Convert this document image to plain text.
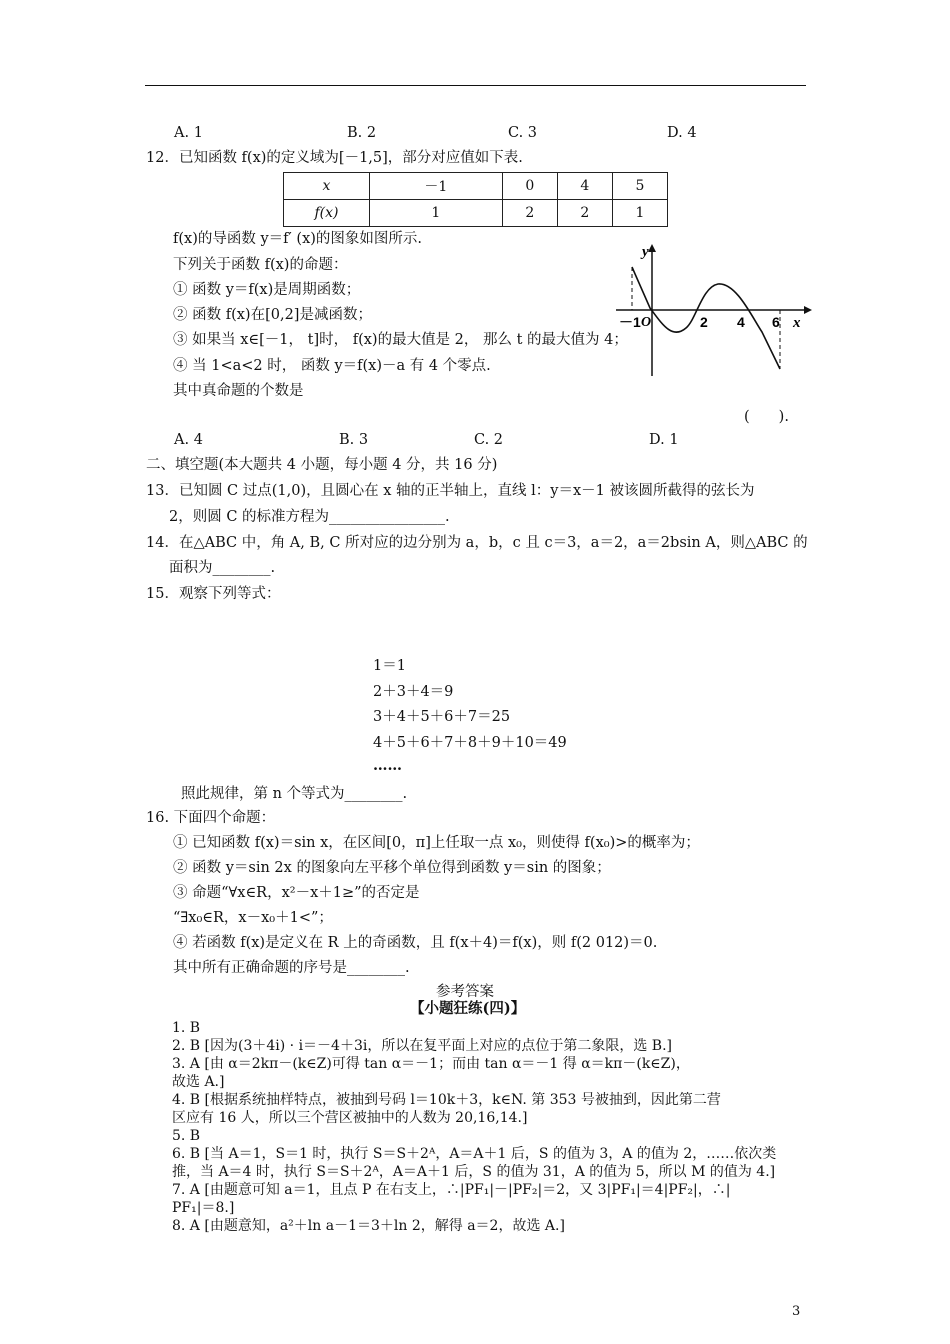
A. 1	B. 2	C. 3	D. 4
12．已知函数 f(x)的定义域为[－1,5]，部分对应值如下表.
x	－1	0	4	5
f(x)	1	2	2	1
f(x)的导函数 y＝f′ (x)的图象如图所示.
下列关于函数 f(x)的命题：
① 函数 y＝f(x)是周期函数；
② 函数 f(x)在[0,2]是减函数；
③ 如果当 x∈[－1， t]时， f(x)的最大值是 2， 那么 t 的最大值为 4；
④ 当 1<a<2 时， 函数 y＝f(x)－a 有 4 个零点.
其中真命题的个数是
(　　).
y
x
－1 O	2 4 6
A. 4	B. 3	C. 2	D. 1
二、填空题(本大题共 4 小题，每小题 4 分，共 16 分)
13．已知圆 C 过点(1,0)，且圆心在 x 轴的正半轴上，直线 l：y＝x－1 被该圆所截得的弦长为
2，则圆 C 的标准方程为________________.
14．在△ABC 中，角 A, B, C 所对应的边分别为 a，b，c 且 c＝3，a＝2，a＝2bsin A，则△ABC 的
面积为________.
15．观察下列等式：
1＝1
2＋3＋4＝9
3＋4＋5＋6＋7＝25
4＋5＋6＋7＋8＋9＋10＝49
……
照此规律，第 n 个等式为________.
16. 下面四个命题：
① 已知函数 f(x)＝sin x，在区间[0，π]上任取一点 x₀，则使得 f(x₀)>的概率为；
② 函数 y＝sin 2x 的图象向左平移个单位得到函数 y＝sin 的图象；
③ 命题“∀x∈R，x²－x＋1≥”的否定是
“∃x₀∈R，x－x₀＋1<”；
④ 若函数 f(x)是定义在 R 上的奇函数，且 f(x＋4)＝f(x)，则 f(2 012)＝0.
其中所有正确命题的序号是________.
参考答案
【小题狂练(四)】
1. B
2. B [因为(3＋4i) · i＝－4＋3i，所以在复平面上对应的点位于第二象限，选 B.]
3. A [由 α＝2kπ－(k∈Z)可得 tan α＝－1；而由 tan α＝－1 得 α＝kπ－(k∈Z)，
故选 A.]
4. B [根据系统抽样特点，被抽到号码 l＝10k＋3，k∈N. 第 353 号被抽到，因此第二营
区应有 16 人，所以三个营区被抽中的人数为 20,16,14.]
5. B
6. B [当 A＝1，S＝1 时，执行 S＝S＋2ᴬ，A＝A＋1 后，S 的值为 3，A 的值为 2，……依次类
推，当 A＝4 时，执行 S＝S＋2ᴬ，A＝A＋1 后，S 的值为 31，A 的值为 5，所以 M 的值为 4.]
7. A [由题意可知 a＝1，且点 P 在右支上，∴|PF₁|－|PF₂|＝2，又 3|PF₁|＝4|PF₂|，∴|
PF₁|＝8.]
8. A [由题意知，a²＋ln a－1＝3＋ln 2，解得 a＝2，故选 A.]
3
